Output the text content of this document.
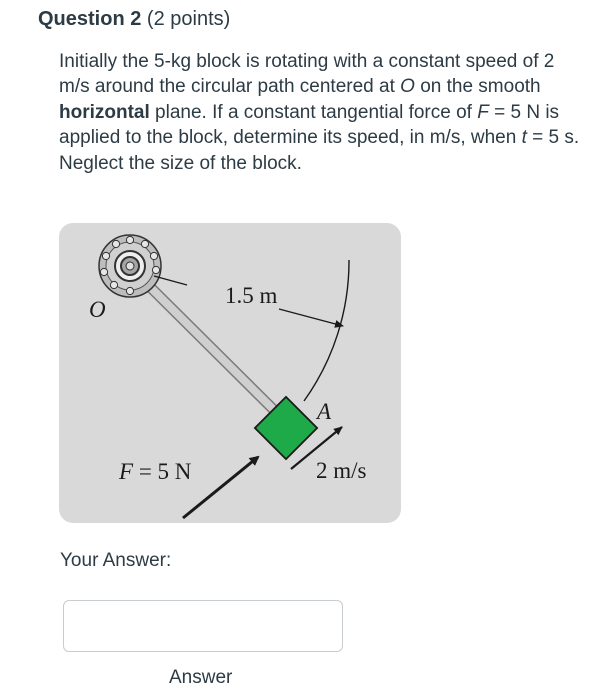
Question 2 (2 points)
Initially the 5-kg block is rotating with a constant speed of 2 m/s around the circular path centered at O on the smooth horizontal plane. If a constant tangential force of F = 5 N is applied to the block, determine its speed, in m/s, when t = 5 s. Neglect the size of the block.
O
1.5 m
A
F = 5 N	2 m/s
Your Answer:
Answer
